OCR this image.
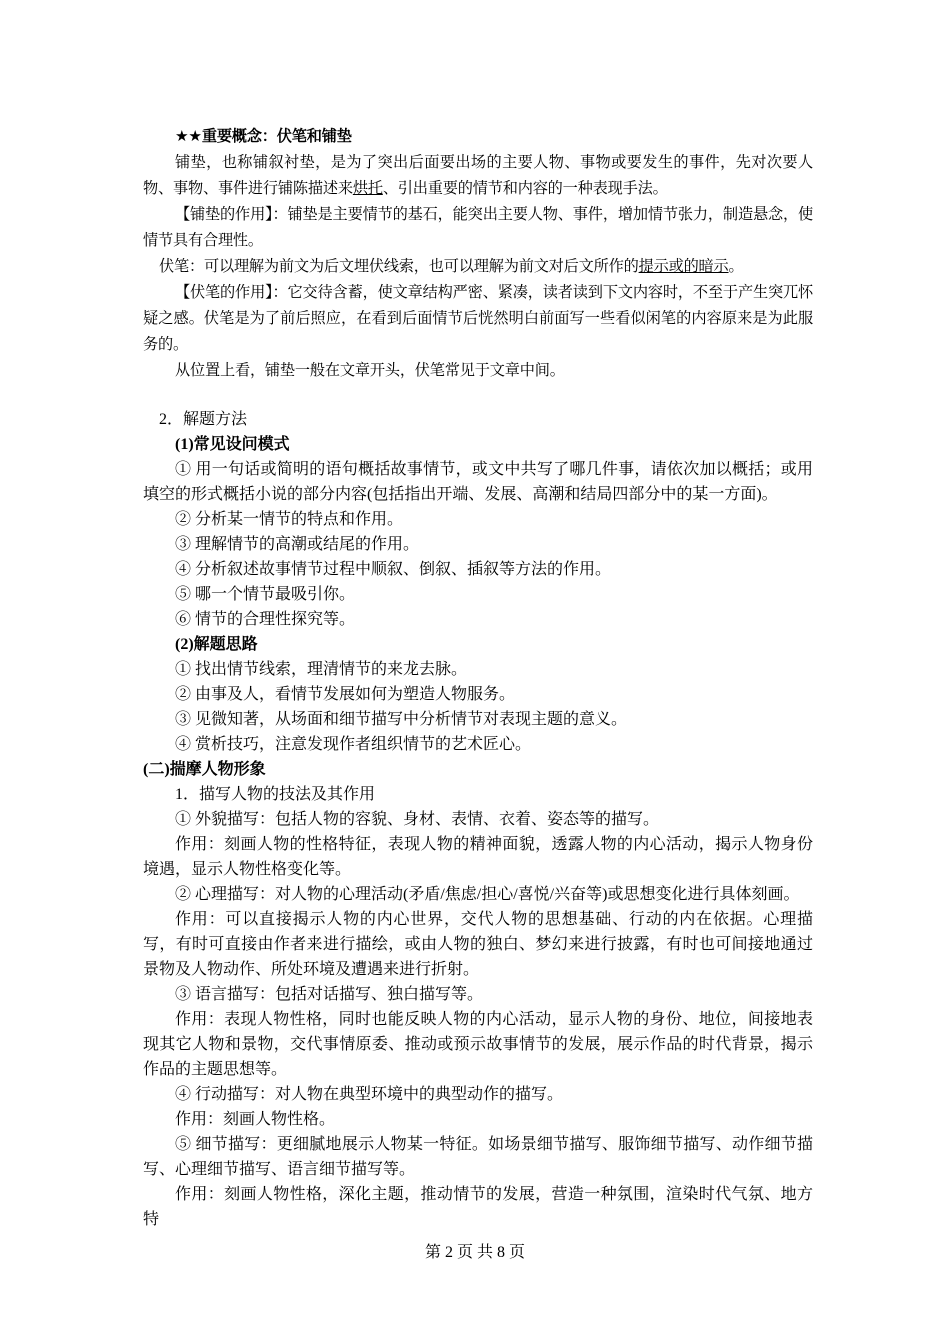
★★重要概念：伏笔和铺垫

铺垫，也称铺叙衬垫，是为了突出后面要出场的主要人物、事物或要发生的事件，先对次要人物、事物、事件进行铺陈描述来烘托、引出重要的情节和内容的一种表现手法。

【铺垫的作用】：铺垫是主要情节的基石，能突出主要人物、事件，增加情节张力，制造悬念，使情节具有合理性。

伏笔：可以理解为前文为后文埋伏线索，也可以理解为前文对后文所作的提示或的暗示。

【伏笔的作用】：它交待含蓄，使文章结构严密、紧凑，读者读到下文内容时，不至于产生突兀怀疑之感。伏笔是为了前后照应，在看到后面情节后恍然明白前面写一些看似闲笔的内容原来是为此服务的。

从位置上看，铺垫一般在文章开头，伏笔常见于文章中间。

2．解题方法

(1)常见设问模式

① 用一句话或简明的语句概括故事情节，或文中共写了哪几件事，请依次加以概括；或用填空的形式概括小说的部分内容(包括指出开端、发展、高潮和结局四部分中的某一方面)。

② 分析某一情节的特点和作用。

③ 理解情节的高潮或结尾的作用。

④ 分析叙述故事情节过程中顺叙、倒叙、插叙等方法的作用。

⑤ 哪一个情节最吸引你。

⑥ 情节的合理性探究等。

(2)解题思路

① 找出情节线索，理清情节的来龙去脉。

② 由事及人，看情节发展如何为塑造人物服务。

③ 见微知著，从场面和细节描写中分析情节对表现主题的意义。

④ 赏析技巧，注意发现作者组织情节的艺术匠心。

(二)揣摩人物形象

1．描写人物的技法及其作用

① 外貌描写：包括人物的容貌、身材、表情、衣着、姿态等的描写。

作用：刻画人物的性格特征，表现人物的精神面貌，透露人物的内心活动，揭示人物身份境遇，显示人物性格变化等。

② 心理描写：对人物的心理活动(矛盾/焦虑/担心/喜悦/兴奋等)或思想变化进行具体刻画。

作用：可以直接揭示人物的内心世界，交代人物的思想基础、行动的内在依据。心理描写，有时可直接由作者来进行描绘，或由人物的独白、梦幻来进行披露，有时也可间接地通过景物及人物动作、所处环境及遭遇来进行折射。

③ 语言描写：包括对话描写、独白描写等。

作用：表现人物性格，同时也能反映人物的内心活动，显示人物的身份、地位，间接地表现其它人物和景物，交代事情原委、推动或预示故事情节的发展，展示作品的时代背景，揭示作品的主题思想等。

④ 行动描写：对人物在典型环境中的典型动作的描写。

作用：刻画人物性格。

⑤ 细节描写：更细腻地展示人物某一特征。如场景细节描写、服饰细节描写、动作细节描写、心理细节描写、语言细节描写等。

作用：刻画人物性格，深化主题，推动情节的发展，营造一种氛围，渲染时代气氛、地方特

第 2 页 共 8 页
